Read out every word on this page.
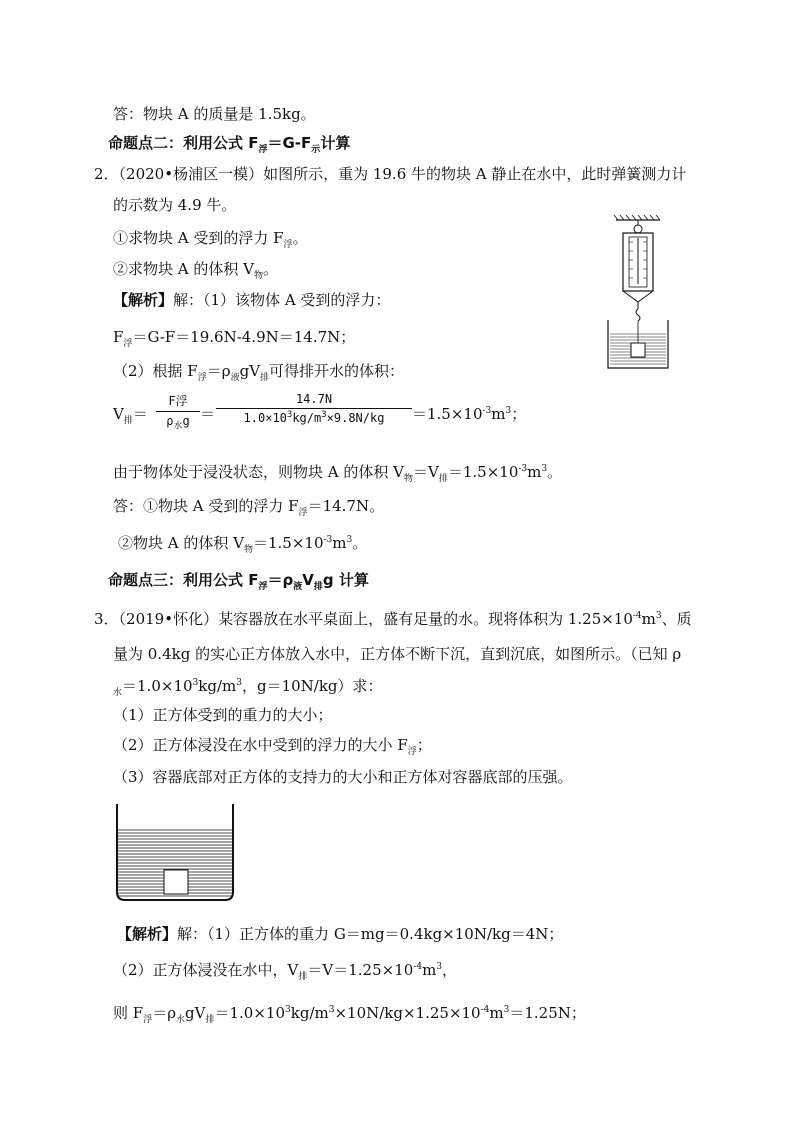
答：物块 A 的质量是 1.5kg。
命题点二：利用公式 $F_浮=G-F_示$计算
2．（2020•杨浦区一模）如图所示，重为 19.6 牛的物块 A 静止在水中，此时弹簧测力计
的示数为 4.9 牛。
①求物块 A 受到的浮力 $F_浮$。
②求物块 A 的体积 $V_物$。
【解析】解：（1）该物体 A 受到的浮力：
$F_浮=G-F=19.6N-4.9N=14.7N$；
（2）根据 $F_浮=\rho_液gV_排$可得排开水的体积：
$V_排=$
F浮
$\rho_水g = \frac{14.7N}{1.0\times 10^3kg/m^3\times 9.8N/kg} =1.5\times 10^{-3}m^3$；
由于物体处于浸没状态，则物块 A 的体积 $V_物=V_排=1.5\times 10^{-3}m^3$。
答：①物块 A 受到的浮力 $F_浮=14.7N$。
②物块 A 的体积 $V_物=1.5\times 10^{-3}m^3$。
命题点三：利用公式 $F_浮=\rho_液V_排g$ 计算
3．（2019•怀化）某容器放在水平桌面上，盛有足量的水。现将体积为 $1.25\times 10^{-4}m^3$、质
量为 0.4kg 的实心正方体放入水中，正方体不断下沉，直到沉底，如图所示。（已知 ρ
$_水=1.0\times 10^3kg/m^3$，g＝10N/kg）求：
（1）正方体受到的重力的大小；
（2）正方体浸没在水中受到的浮力的大小 $F_浮$；
（3）容器底部对正方体的支持力的大小和正方体对容器底部的压强。
【解析】解：（1）正方体的重力 G＝mg＝0.4kg×10N/kg＝4N；
（2）正方体浸没在水中，$V_排=V=1.25\times 10^{-4}m^3$，
则 $F_浮=\rho_水gV_排=1.0\times 10^3kg/m^3\times 10N/kg\times 1.25\times 10^{-4}m^3=1.25N$；
